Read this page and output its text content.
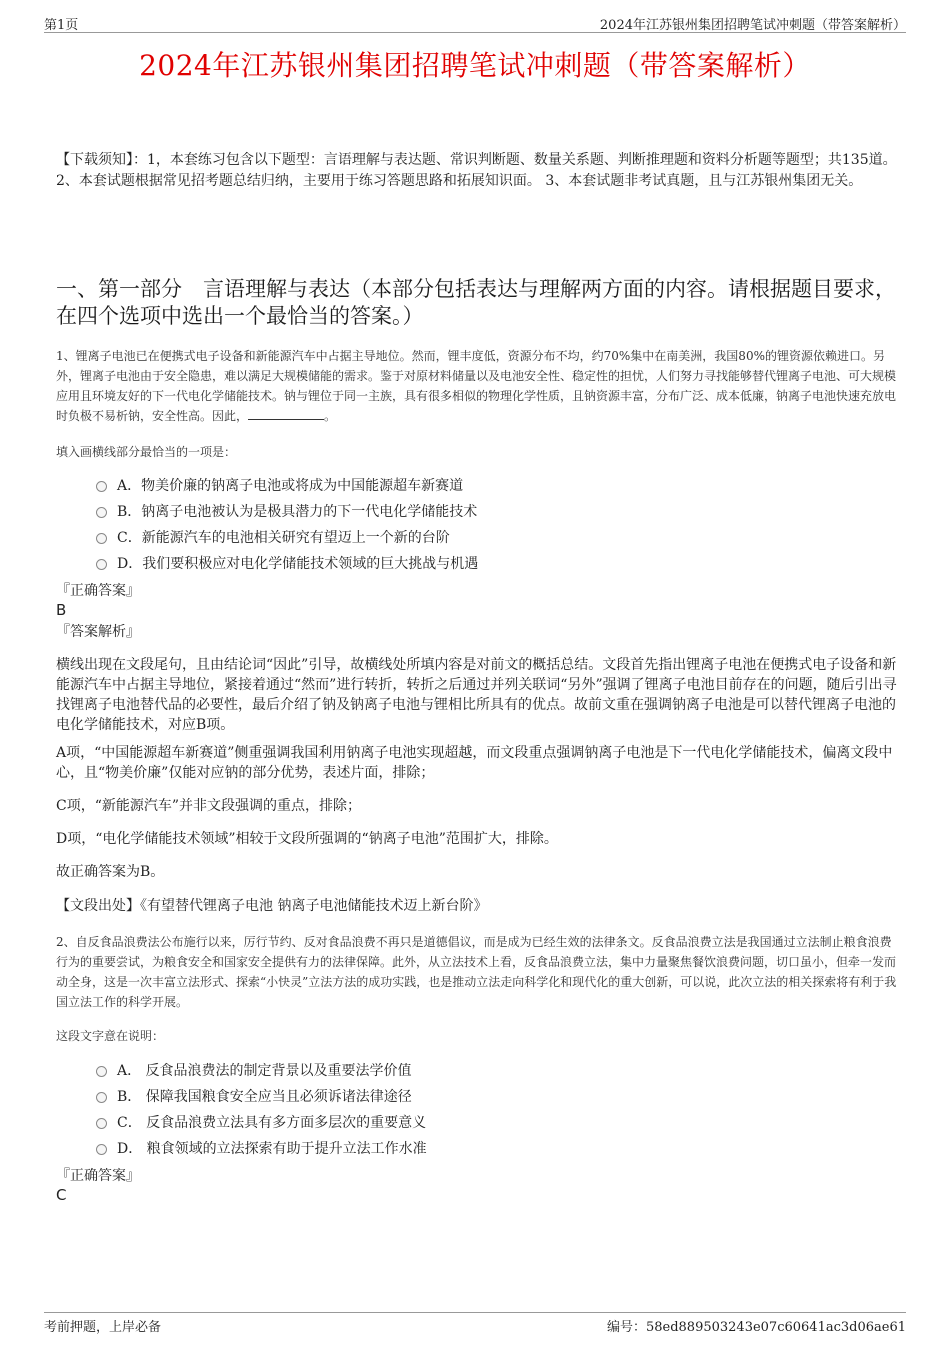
第1页	2024年江苏银州集团招聘笔试冲刺题（带答案解析）
2024年江苏银州集团招聘笔试冲刺题（带答案解析）
【下载须知】：1，本套练习包含以下题型：言语理解与表达题、常识判断题、数量关系题、判断推理题和资料分析题等题型；共135道。 2、本套试题根据常见招考题总结归纳，主要用于练习答题思路和拓展知识面。 3、本套试题非考试真题，且与江苏银州集团无关。
一、第一部分　言语理解与表达（本部分包括表达与理解两方面的内容。请根据题目要求，在四个选项中选出一个最恰当的答案。）
1、锂离子电池已在便携式电子设备和新能源汽车中占据主导地位。然而，锂丰度低，资源分布不均，约70%集中在南美洲，我国80%的锂资源依赖进口。另外，锂离子电池由于安全隐患，难以满足大规模储能的需求。鉴于对原材料储量以及电池安全性、稳定性的担忧，人们努力寻找能够替代锂离子电池、可大规模应用且环境友好的下一代电化学储能技术。钠与锂位于同一主族，具有很多相似的物理化学性质，且钠资源丰富，分布广泛、成本低廉，钠离子电池快速充放电时负极不易析钠，安全性高。因此，	。
填入画横线部分最恰当的一项是：
A．物美价廉的钠离子电池或将成为中国能源超车新赛道
B．钠离子电池被认为是极具潜力的下一代电化学储能技术
C．新能源汽车的电池相关研究有望迈上一个新的台阶
D．我们要积极应对电化学储能技术领域的巨大挑战与机遇
『正确答案』
B
『答案解析』
横线出现在文段尾句，且由结论词“因此”引导，故横线处所填内容是对前文的概括总结。文段首先指出锂离子电池在便携式电子设备和新能源汽车中占据主导地位，紧接着通过“然而”进行转折，转折之后通过并列关联词“另外”强调了锂离子电池目前存在的问题，随后引出寻找锂离子电池替代品的必要性，最后介绍了钠及钠离子电池与锂相比所具有的优点。故前文重在强调钠离子电池是可以替代锂离子电池的电化学储能技术，对应B项。
A项，“中国能源超车新赛道”侧重强调我国利用钠离子电池实现超越，而文段重点强调钠离子电池是下一代电化学储能技术，偏离文段中心，且“物美价廉”仅能对应钠的部分优势，表述片面，排除；
C项，“新能源汽车”并非文段强调的重点，排除；
D项，“电化学储能技术领域”相较于文段所强调的“钠离子电池”范围扩大，排除。
故正确答案为B。
【文段出处】《有望替代锂离子电池 钠离子电池储能技术迈上新台阶》
2、自反食品浪费法公布施行以来，厉行节约、反对食品浪费不再只是道德倡议，而是成为已经生效的法律条文。反食品浪费立法是我国通过立法制止粮食浪费行为的重要尝试，为粮食安全和国家安全提供有力的法律保障。此外，从立法技术上看，反食品浪费立法，集中力量聚焦餐饮浪费问题，切口虽小，但牵一发而动全身，这是一次丰富立法形式、探索“小快灵”立法方法的成功实践，也是推动立法走向科学化和现代化的重大创新，可以说，此次立法的相关探索将有利于我国立法工作的科学开展。
这段文字意在说明：
A． 反食品浪费法的制定背景以及重要法学价值
B． 保障我国粮食安全应当且必须诉诸法律途径
C． 反食品浪费立法具有多方面多层次的重要意义
D． 粮食领域的立法探索有助于提升立法工作水准
『正确答案』
C
考前押题，上岸必备	编号：58ed889503243e07c60641ac3d06ae61
